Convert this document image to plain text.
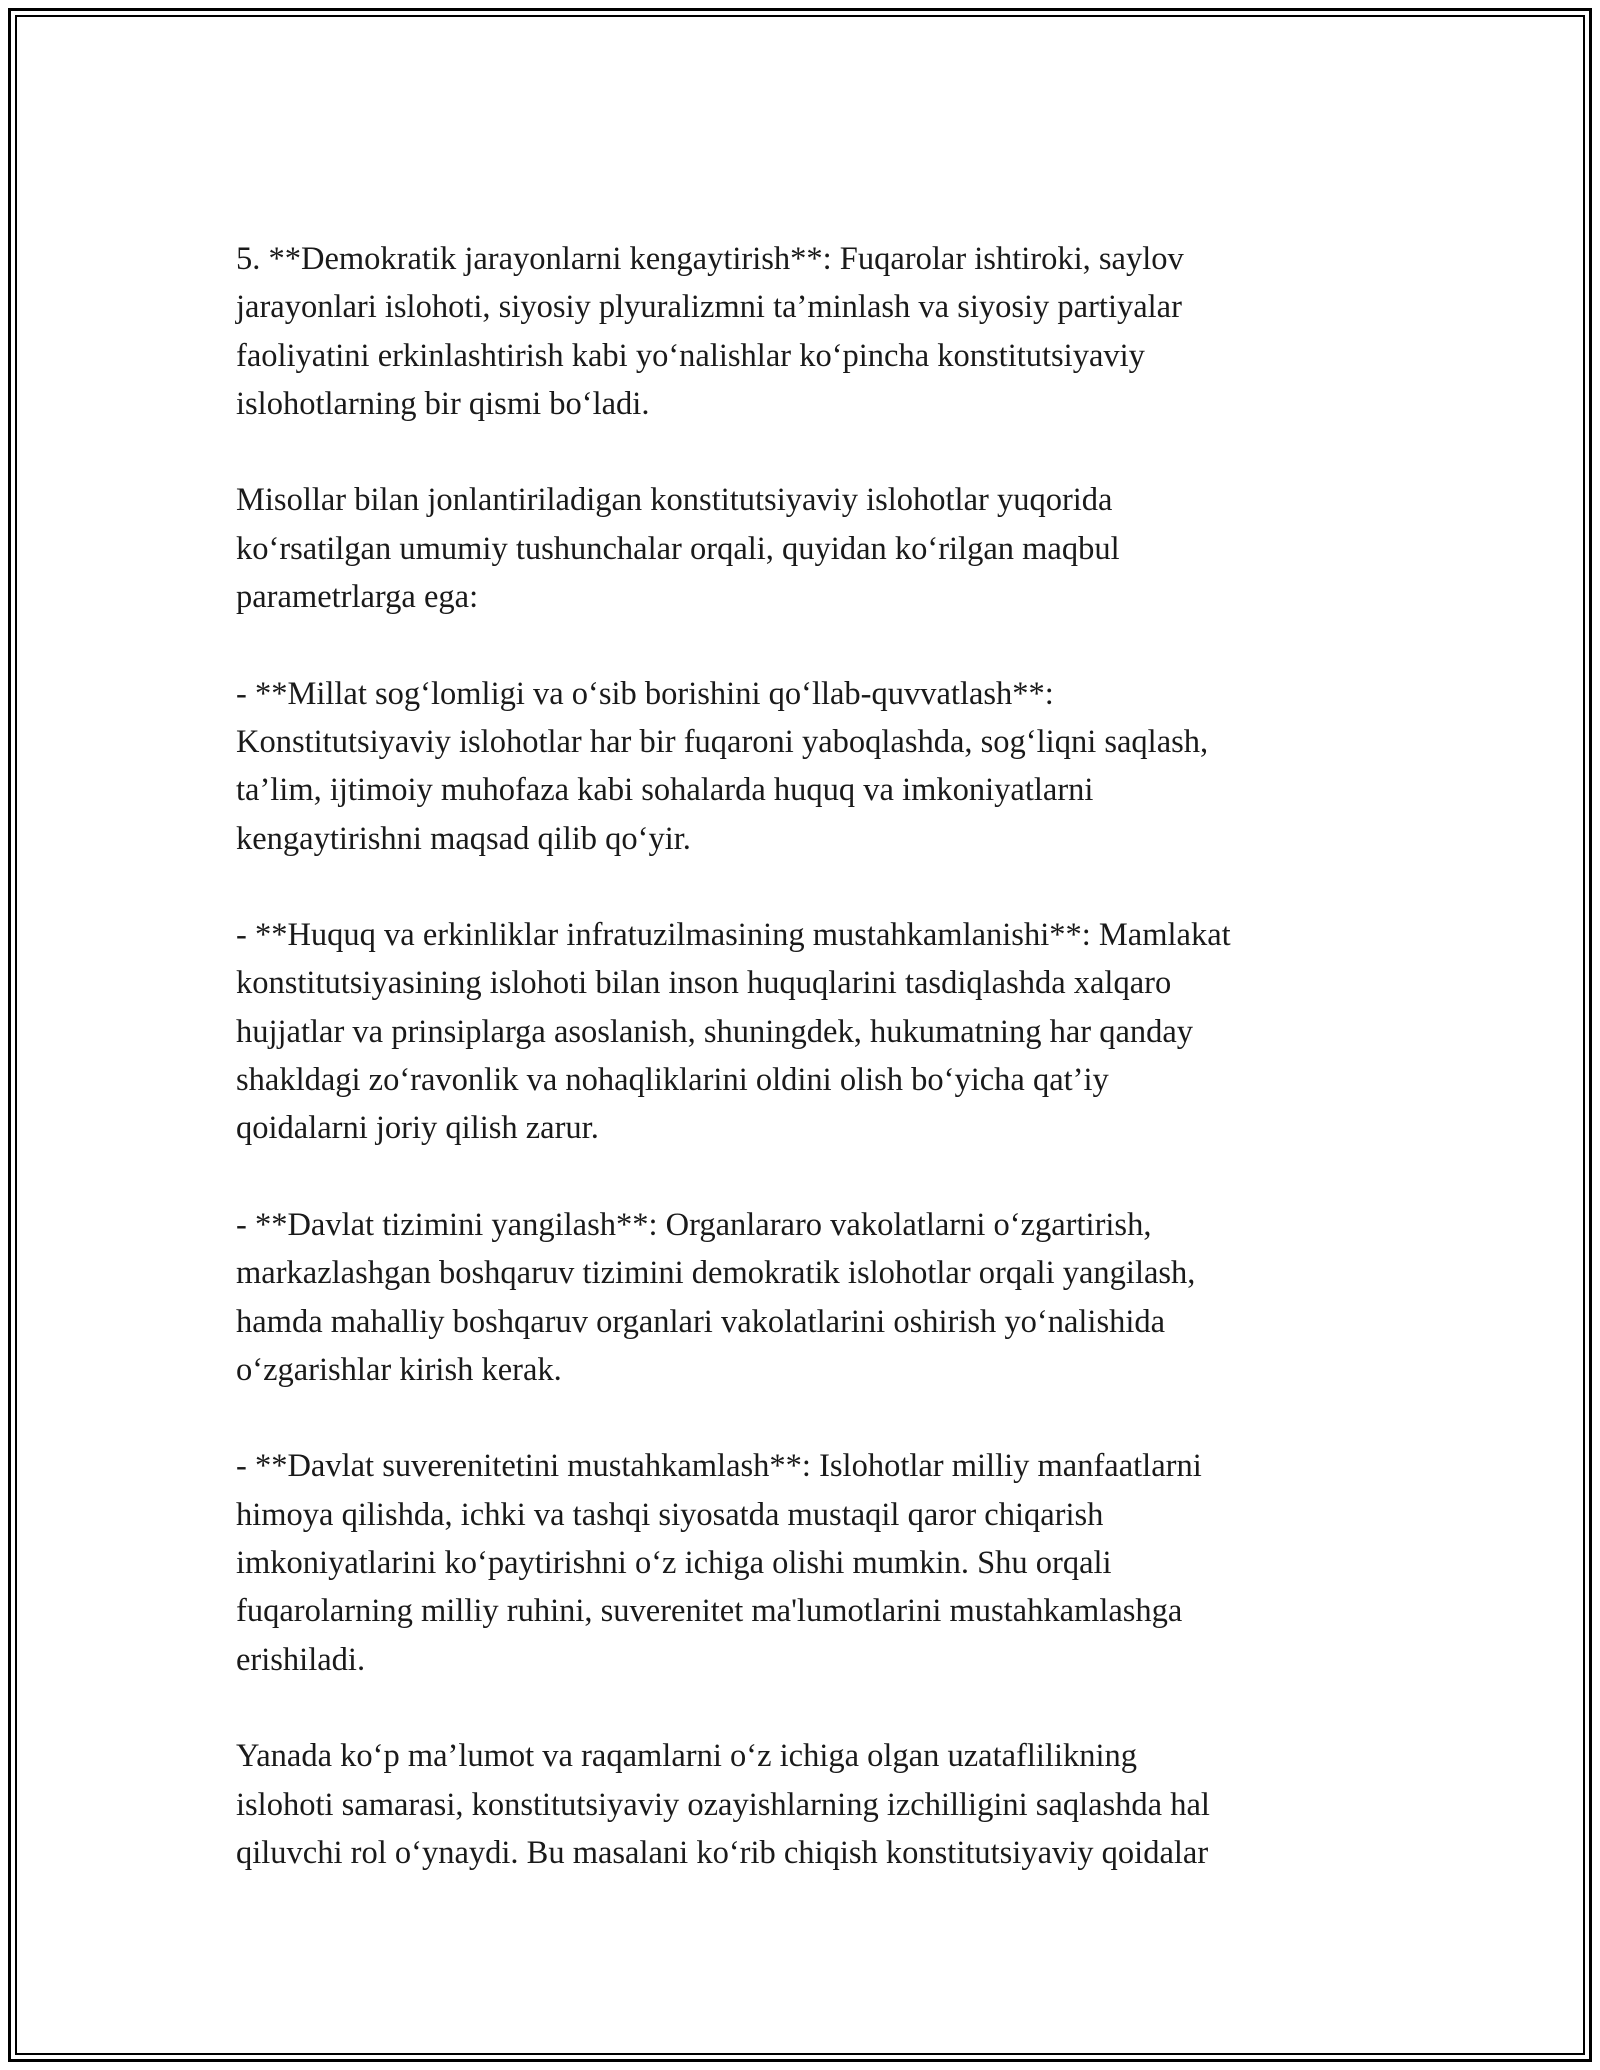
5. **Demokratik jarayonlarni kengaytirish**: Fuqarolar ishtiroki, saylov
jarayonlari islohoti, siyosiy plyuralizmni ta’minlash va siyosiy partiyalar
faoliyatini erkinlashtirish kabi yo‘nalishlar ko‘pincha konstitutsiyaviy
islohotlarning bir qismi bo‘ladi.

Misollar bilan jonlantiriladigan konstitutsiyaviy islohotlar yuqorida
ko‘rsatilgan umumiy tushunchalar orqali, quyidan ko‘rilgan maqbul
parametrlarga ega:

- **Millat sog‘lomligi va o‘sib borishini qo‘llab-quvvatlash**:
Konstitutsiyaviy islohotlar har bir fuqaroni yaboqlashda, sog‘liqni saqlash,
ta’lim, ijtimoiy muhofaza kabi sohalarda huquq va imkoniyatlarni
kengaytirishni maqsad qilib qo‘yir.

- **Huquq va erkinliklar infratuzilmasining mustahkamlanishi**: Mamlakat
konstitutsiyasining islohoti bilan inson huquqlarini tasdiqlashda xalqaro
hujjatlar va prinsiplarga asoslanish, shuningdek, hukumatning har qanday
shakldagi zo‘ravonlik va nohaqliklarini oldini olish bo‘yicha qat’iy
qoidalarni joriy qilish zarur.

- **Davlat tizimini yangilash**: Organlararo vakolatlarni o‘zgartirish,
markazlashgan boshqaruv tizimini demokratik islohotlar orqali yangilash,
hamda mahalliy boshqaruv organlari vakolatlarini oshirish yo‘nalishida
o‘zgarishlar kirish kerak.

- **Davlat suverenitetini mustahkamlash**: Islohotlar milliy manfaatlarni
himoya qilishda, ichki va tashqi siyosatda mustaqil qaror chiqarish
imkoniyatlarini ko‘paytirishni o‘z ichiga olishi mumkin. Shu orqali
fuqarolarning milliy ruhini, suverenitet ma'lumotlarini mustahkamlashga
erishiladi.

Yanada ko‘p ma’lumot va raqamlarni o‘z ichiga olgan uzataflilikning
islohoti samarasi, konstitutsiyaviy ozayishlarning izchilligini saqlashda hal
qiluvchi rol o‘ynaydi. Bu masalani ko‘rib chiqish konstitutsiyaviy qoidalar
